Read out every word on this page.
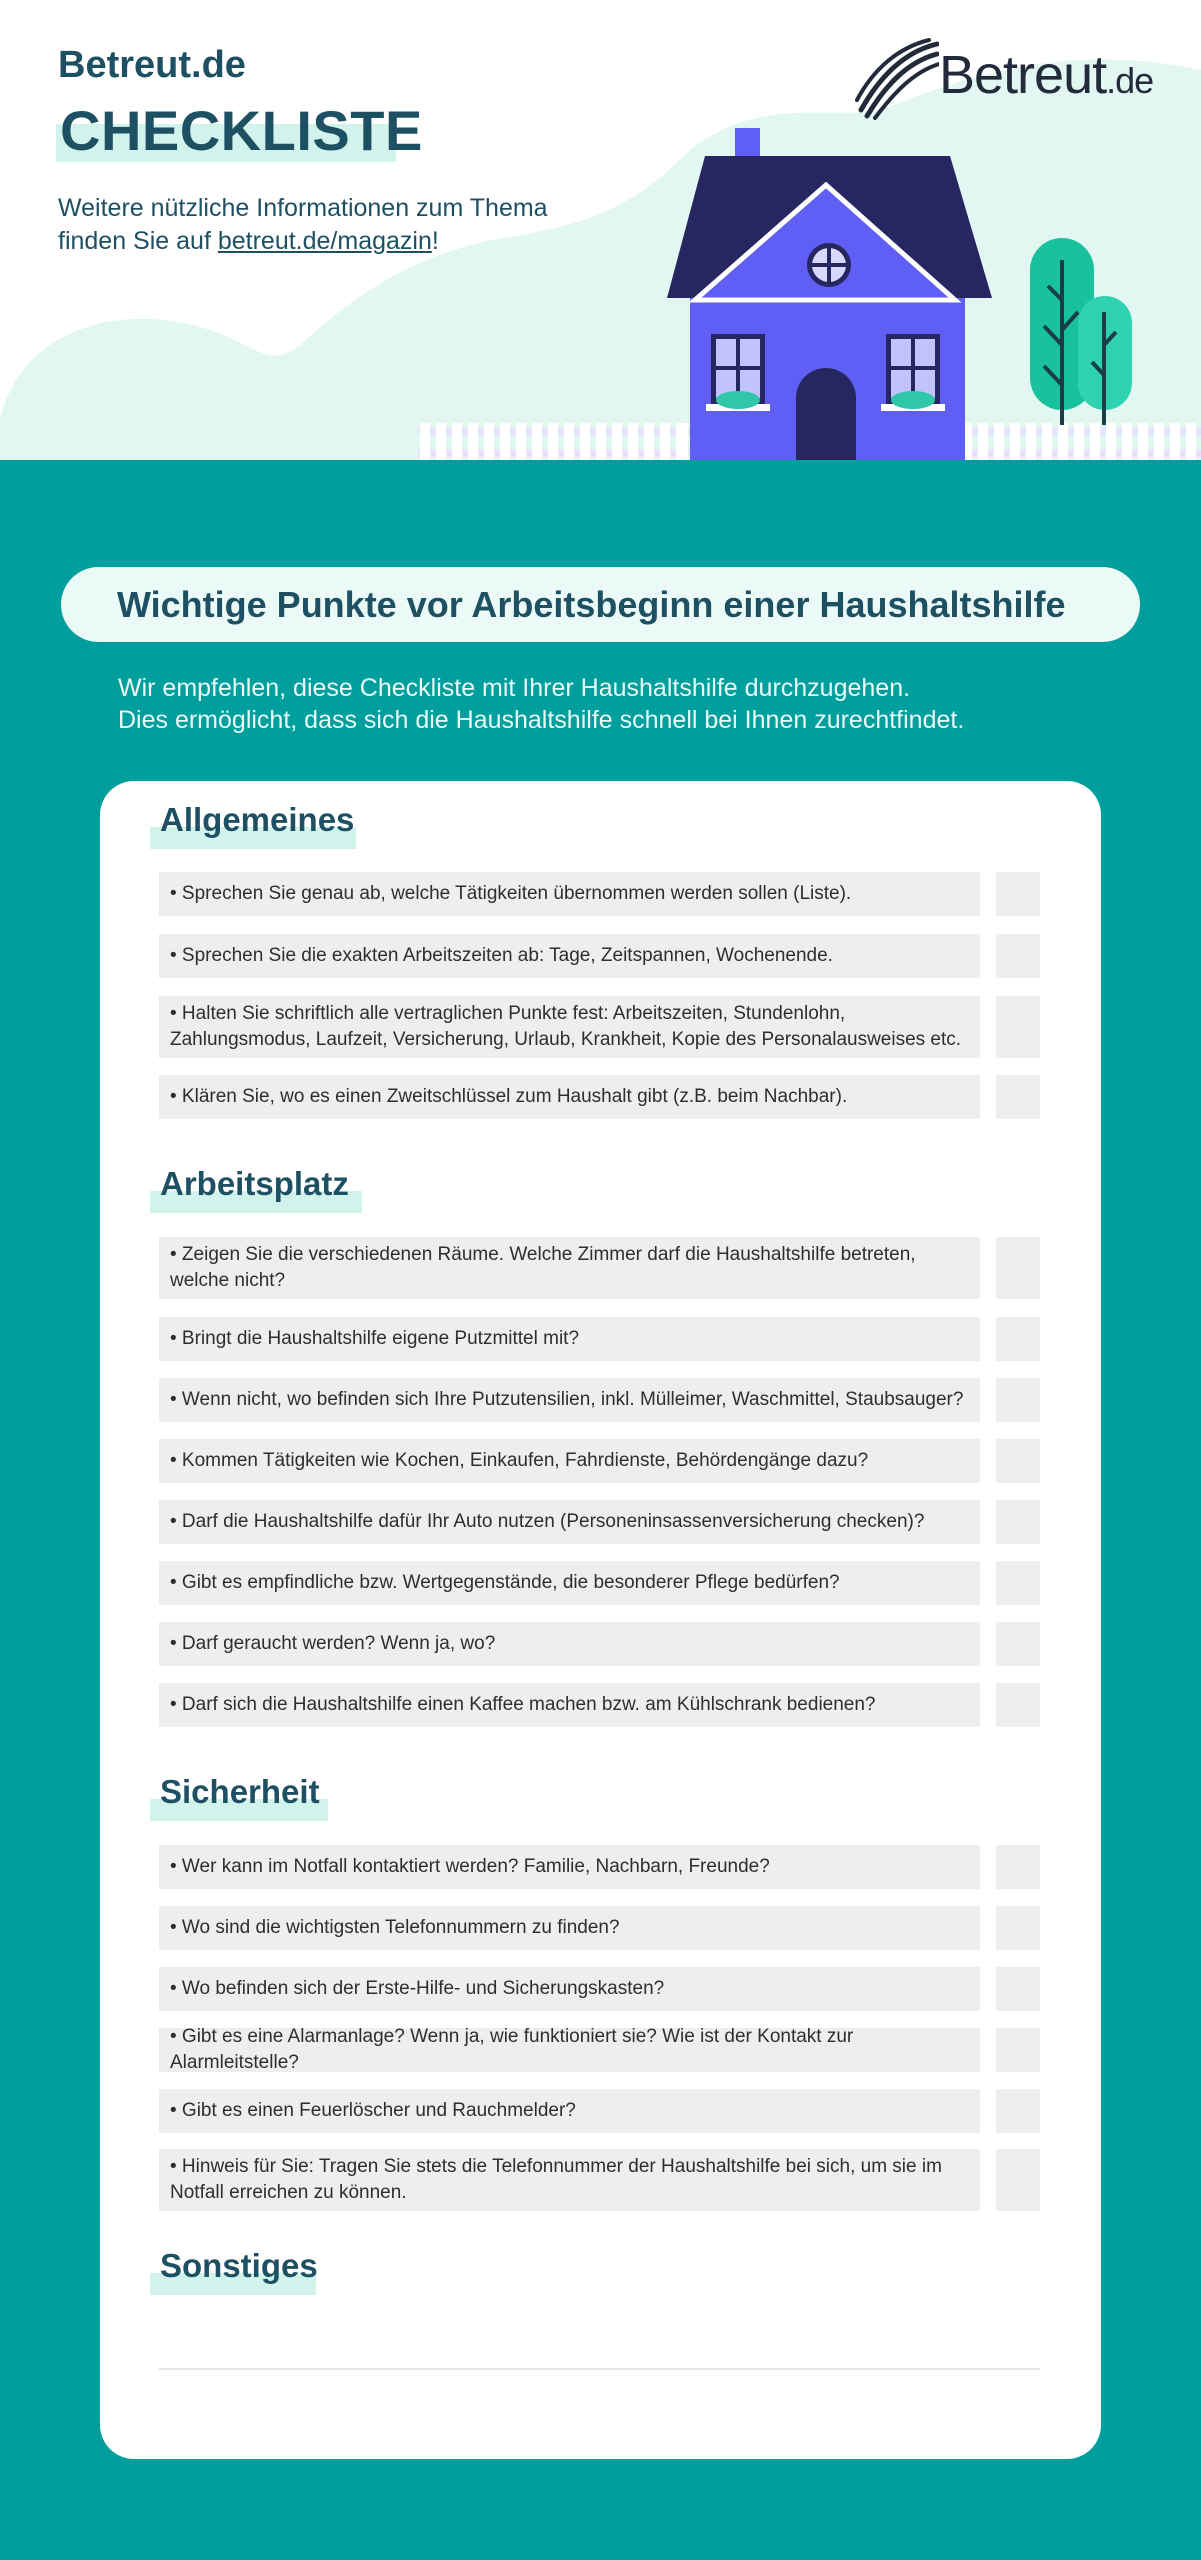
Betreut.de
CHECKLISTE
Weitere nützliche Informationen zum Thema finden Sie auf betreut.de/magazin!
Betreut.de
Wichtige Punkte vor Arbeitsbeginn einer Haushaltshilfe
Wir empfehlen, diese Checkliste mit Ihrer Haushaltshilfe durchzugehen.
Dies ermöglicht, dass sich die Haushaltshilfe schnell bei Ihnen zurechtfindet.
Allgemeines
• Sprechen Sie genau ab, welche Tätigkeiten übernommen werden sollen (Liste).
• Sprechen Sie die exakten Arbeitszeiten ab: Tage, Zeitspannen, Wochenende.
• Halten Sie schriftlich alle vertraglichen Punkte fest: Arbeitszeiten, Stundenlohn, Zahlungsmodus, Laufzeit, Versicherung, Urlaub, Krankheit, Kopie des Personalausweises etc.
• Klären Sie, wo es einen Zweitschlüssel zum Haushalt gibt (z.B. beim Nachbar).
Arbeitsplatz
• Zeigen Sie die verschiedenen Räume. Welche Zimmer darf die Haushaltshilfe betreten, welche nicht?
• Bringt die Haushaltshilfe eigene Putzmittel mit?
• Wenn nicht, wo befinden sich Ihre Putzutensilien, inkl. Mülleimer, Waschmittel, Staubsauger?
• Kommen Tätigkeiten wie Kochen, Einkaufen, Fahrdienste, Behördengänge dazu?
• Darf die Haushaltshilfe dafür Ihr Auto nutzen (Personeninsassenversicherung checken)?
• Gibt es empfindliche bzw. Wertgegenstände, die besonderer Pflege bedürfen?
• Darf geraucht werden? Wenn ja, wo?
• Darf sich die Haushaltshilfe einen Kaffee machen bzw. am Kühlschrank bedienen?
Sicherheit
• Wer kann im Notfall kontaktiert werden? Familie, Nachbarn, Freunde?
• Wo sind die wichtigsten Telefonnummern zu finden?
• Wo befinden sich der Erste-Hilfe- und Sicherungskasten?
• Gibt es eine Alarmanlage? Wenn ja, wie funktioniert sie? Wie ist der Kontakt zur Alarmleitstelle?
• Gibt es einen Feuerlöscher und Rauchmelder?
• Hinweis für Sie: Tragen Sie stets die Telefonnummer der Haushaltshilfe bei sich, um sie im Notfall erreichen zu können.
Sonstiges
